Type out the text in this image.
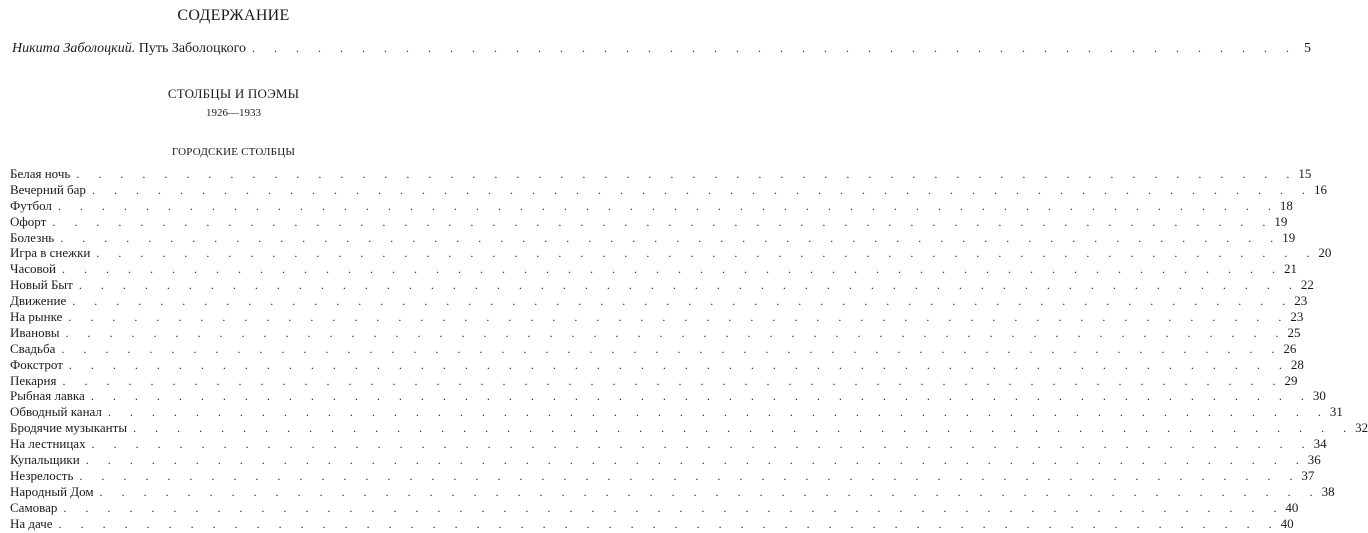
СОДЕРЖАНИЕ
Никита Заболоцкий.
Путь Заболоцкого . . . . . . . . . . . . . . . . . . . . . . . . . . . . . . . . . . . . . . . . . . . . . . . . 5
СТОЛБЦЫ И ПОЭМЫ
1926—1933
ГОРОДСКИЕ СТОЛБЦЫ
Белая ночь . . . . . . . . . . . . . . . . . . . . . . . . . . . . . . . . . . . . . . . . . . . . . . . . . . . . . . . . 15
Вечерний бар . . . . . . . . . . . . . . . . . . . . . . . . . . . . . . . . . . . . . . . . . . . . . . . . . . . . . . . . 16
Футбол . . . . . . . . . . . . . . . . . . . . . . . . . . . . . . . . . . . . . . . . . . . . . . . . . . . . . . . . 18
Офорт . . . . . . . . . . . . . . . . . . . . . . . . . . . . . . . . . . . . . . . . . . . . . . . . . . . . . . . . 19
Болезнь . . . . . . . . . . . . . . . . . . . . . . . . . . . . . . . . . . . . . . . . . . . . . . . . . . . . . . . . 19
Игра в снежки . . . . . . . . . . . . . . . . . . . . . . . . . . . . . . . . . . . . . . . . . . . . . . . . . . . . . . . . 20
Часовой . . . . . . . . . . . . . . . . . . . . . . . . . . . . . . . . . . . . . . . . . . . . . . . . . . . . . . . . 21
Новый Быт . . . . . . . . . . . . . . . . . . . . . . . . . . . . . . . . . . . . . . . . . . . . . . . . . . . . . . . . 22
Движение . . . . . . . . . . . . . . . . . . . . . . . . . . . . . . . . . . . . . . . . . . . . . . . . . . . . . . . . 23
На рынке . . . . . . . . . . . . . . . . . . . . . . . . . . . . . . . . . . . . . . . . . . . . . . . . . . . . . . . . 23
Ивановы . . . . . . . . . . . . . . . . . . . . . . . . . . . . . . . . . . . . . . . . . . . . . . . . . . . . . . . . 25
Свадьба . . . . . . . . . . . . . . . . . . . . . . . . . . . . . . . . . . . . . . . . . . . . . . . . . . . . . . . . 26
Фокстрот . . . . . . . . . . . . . . . . . . . . . . . . . . . . . . . . . . . . . . . . . . . . . . . . . . . . . . . . 28
Пекарня . . . . . . . . . . . . . . . . . . . . . . . . . . . . . . . . . . . . . . . . . . . . . . . . . . . . . . . . 29
Рыбная лавка . . . . . . . . . . . . . . . . . . . . . . . . . . . . . . . . . . . . . . . . . . . . . . . . . . . . . . . . 30
Обводный канал . . . . . . . . . . . . . . . . . . . . . . . . . . . . . . . . . . . . . . . . . . . . . . . . . . . . . . . . 31
Бродячие музыканты . . . . . . . . . . . . . . . . . . . . . . . . . . . . . . . . . . . . . . . . . . . . . . . . . . . . . . . . 32
На лестницах . . . . . . . . . . . . . . . . . . . . . . . . . . . . . . . . . . . . . . . . . . . . . . . . . . . . . . . . 34
Купальщики . . . . . . . . . . . . . . . . . . . . . . . . . . . . . . . . . . . . . . . . . . . . . . . . . . . . . . . . 36
Незрелость . . . . . . . . . . . . . . . . . . . . . . . . . . . . . . . . . . . . . . . . . . . . . . . . . . . . . . . . 37
Народный Дом . . . . . . . . . . . . . . . . . . . . . . . . . . . . . . . . . . . . . . . . . . . . . . . . . . . . . . . . 38
Самовар . . . . . . . . . . . . . . . . . . . . . . . . . . . . . . . . . . . . . . . . . . . . . . . . . . . . . . . . 40
На даче . . . . . . . . . . . . . . . . . . . . . . . . . . . . . . . . . . . . . . . . . . . . . . . . . . . . . . . . 40
